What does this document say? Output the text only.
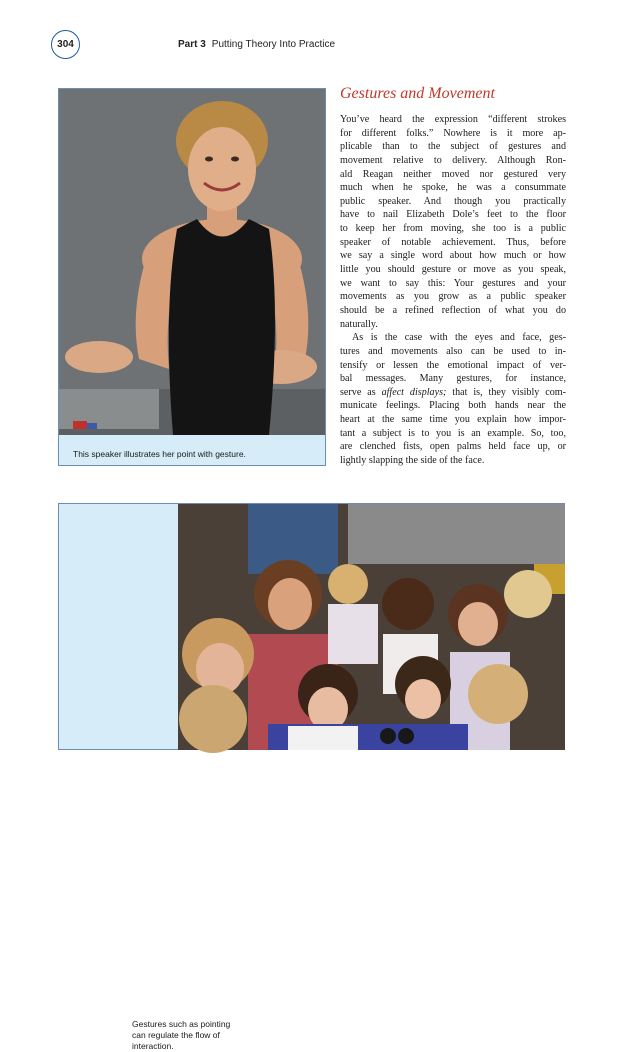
304	Part 3 Putting Theory Into Practice
This speaker illustrates her point with gesture.
Gestures and Movement
You’ve heard the expression “different strokes
for different folks.” Nowhere is it more ap-
plicable than to the subject of gestures and
movement relative to delivery. Although Ron-
ald Reagan neither moved nor gestured very
much when he spoke, he was a consummate
public speaker. And though you practically
have to nail Elizabeth Dole’s feet to the floor
to keep her from moving, she too is a public
speaker of notable achievement. Thus, before
we say a single word about how much or how
little you should gesture or move as you speak,
we want to say this: Your gestures and your
movements as you grow as a public speaker
should be a refined reflection of what you do
naturally.
As is the case with the eyes and face, ges-
tures and movements also can be used to in-
tensify or lessen the emotional impact of ver-
bal messages. Many gestures, for instance,
serve as affect displays; that is, they visibly com-
municate feelings. Placing both hands near the
heart at the same time you explain how impor-
tant a subject is to you is an example. So, too,
are clenched fists, open palms held face up, or
lightly slapping the side of the face.
Gestures such as pointing can regulate the flow of interaction.
